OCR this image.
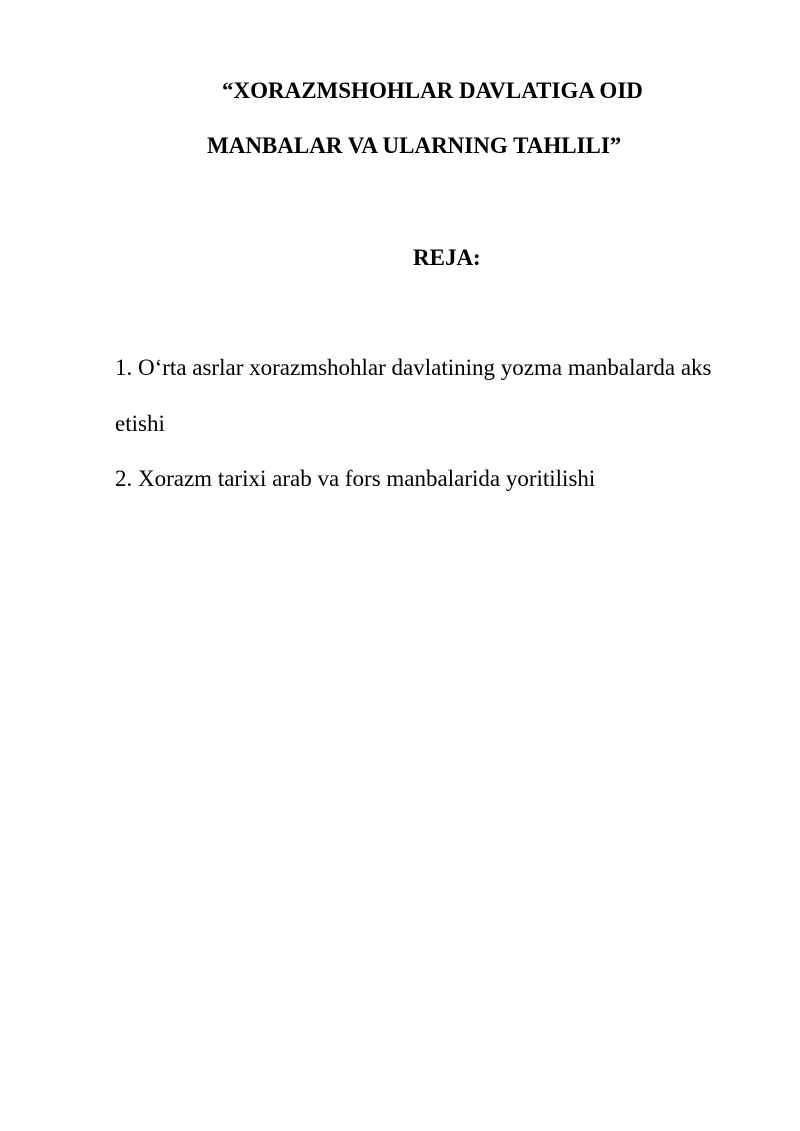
“XORAZMSHOHLAR DAVLATIGA OID
MANBALAR VA ULARNING TAHLILI”
REJA:
1. O‘rta asrlar xorazmshohlar davlatining yozma manbalarda aks
etishi
2. Xorazm tarixi arab va fors manbalarida yoritilishi
